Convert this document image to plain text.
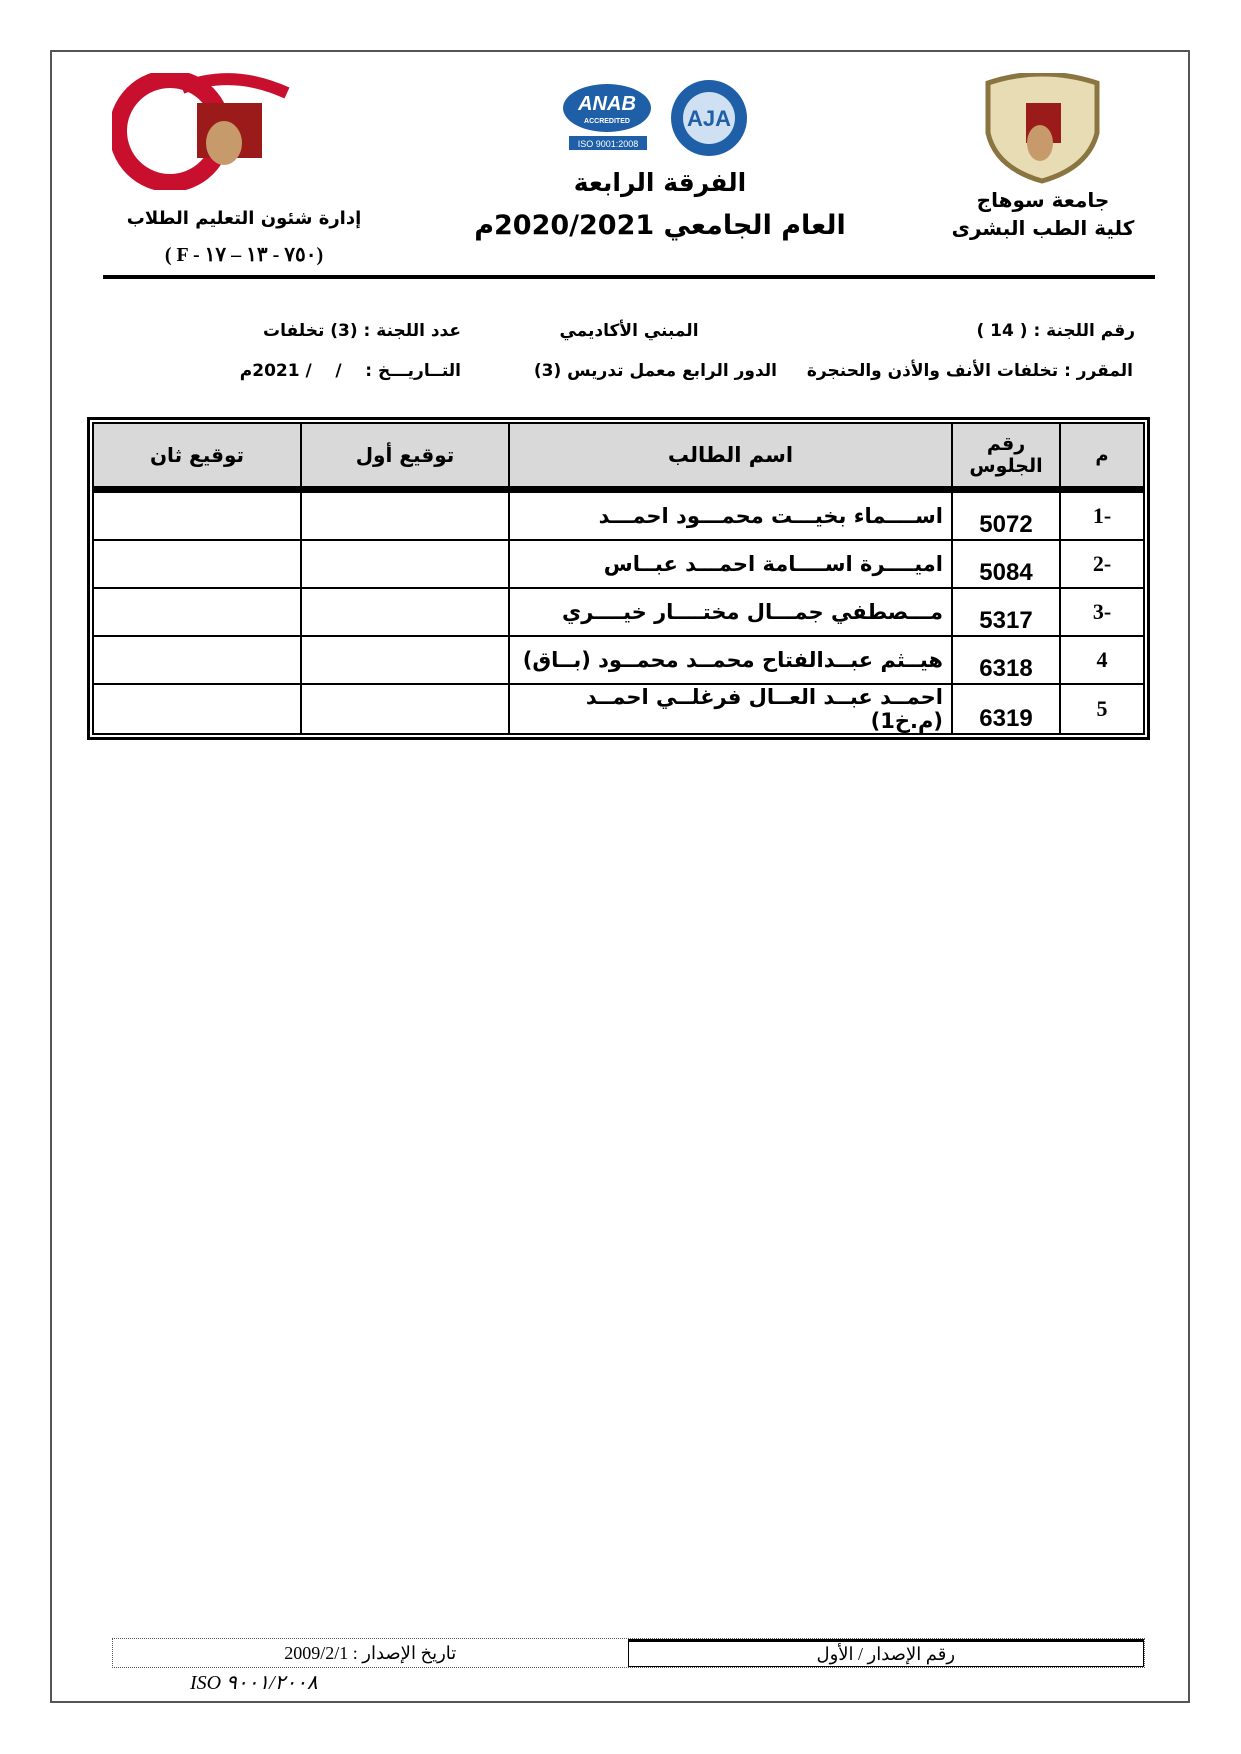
ANAB
ACCREDITED
ISO 9001:2008
AJA
جامعة سوهاج
كلية الطب البشرى
الفرقة الرابعة
العام الجامعي 2020/2021م
إدارة شئون التعليم الطلاب
( F - ٧٥٠ - ١٣ – ١٧)
رقم اللجنة : ( 14 )
المبني الأكاديمي
عدد اللجنة : (3) تخلفات
المقرر : تخلفات الأنف والأذن والحنجرة
الدور الرابع معمل تدريس (3)
التــاريـــخ :    /    / 2021م
م	رقم الجلوس	اسم الطالب	توقيع أول	توقيع ثان
1-	5072	اســــماء بخيـــت محمـــود احمـــد		
2-	5084	اميــــرة اســــامة احمـــد عبــاس		
3-	5317	مـــصطفي جمـــال مختــــار خيــــري		
4	6318	هيــثم عبــدالفتاح محمــد محمــود (بــاق)		
5	6319	احمــد عبــد العــال فرغلــي احمــد (م.خ1)		
رقم الإصدار / الأول
تاريخ الإصدار : 2009/2/1
ISO ٩٠٠١/٢٠٠٨
